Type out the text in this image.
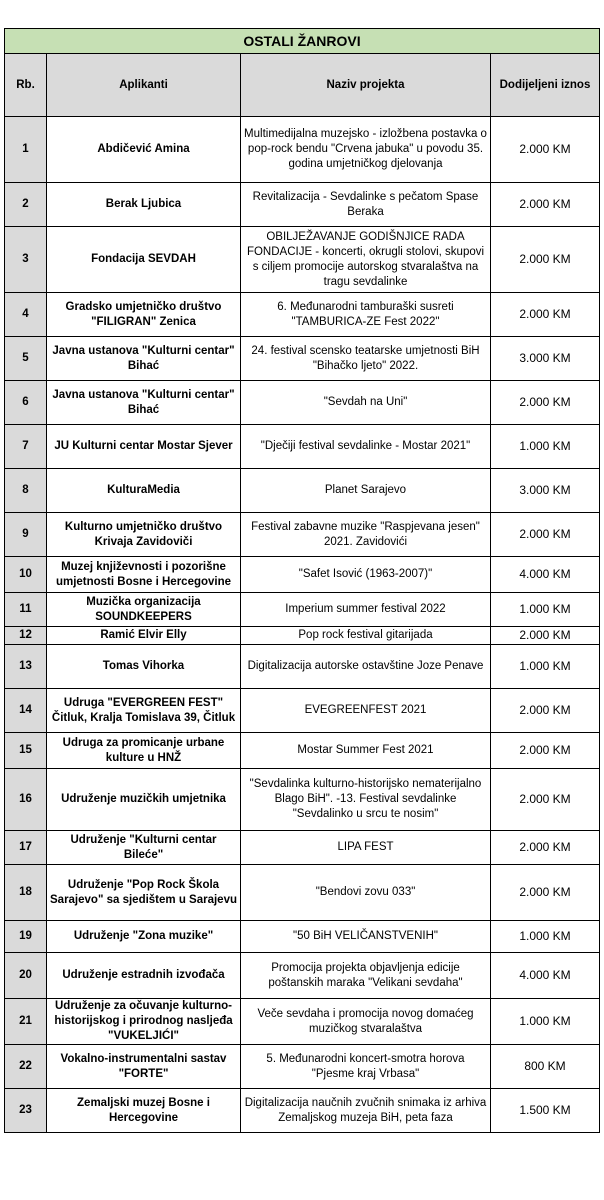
OSTALI ŽANROVI			
Rb.	Aplikanti	Naziv projekta	Dodijeljeni iznos
1	Abdičević Amina	Multimedijalna muzejsko - izložbena postavka o pop-rock bendu "Crvena jabuka" u povodu 35. godina umjetničkog djelovanja	2.000 KM
2	Berak Ljubica	Revitalizacija - Sevdalinke s pečatom Spase Beraka	2.000 KM
3	Fondacija SEVDAH	OBILJEŽAVANJE GODIŠNJICE RADA FONDACIJE - koncerti, okrugli stolovi, skupovi s ciljem promocije autorskog stvaralaštva na tragu sevdalinke	2.000 KM
4	Gradsko umjetničko društvo "FILIGRAN" Zenica	6. Međunarodni tamburaški susreti "TAMBURICA-ZE Fest 2022"	2.000 KM
5	Javna ustanova "Kulturni centar" Bihać	24. festival scensko teatarske umjetnosti BiH "Bihačko ljeto" 2022.	3.000 KM
6	Javna ustanova "Kulturni centar" Bihać	"Sevdah na Uni"	2.000 KM
7	JU Kulturni centar Mostar Sjever	"Dječiji festival sevdalinke - Mostar 2021"	1.000 KM
8	KulturaMedia	Planet Sarajevo	3.000 KM
9	Kulturno umjetničko društvo Krivaja Zavidoviči	Festival zabavne muzike "Raspjevana jesen" 2021. Zavidovići	2.000 KM
10	Muzej književnosti i pozorišne umjetnosti Bosne i Hercegovine	"Safet Isović (1963-2007)"	4.000 KM
11	Muzička organizacija SOUNDKEEPERS	Imperium summer festival 2022	1.000 KM
12	Ramić Elvir Elly	Pop rock festival gitarijada	2.000 KM
13	Tomas Vihorka	Digitalizacija autorske ostavštine Joze Penave	1.000 KM
14	Udruga "EVERGREEN FEST" Čitluk, Kralja Tomislava 39, Čitluk	EVEGREENFEST 2021	2.000 KM
15	Udruga za promicanje urbane kulture u HNŽ	Mostar Summer Fest 2021	2.000 KM
16	Udruženje muzičkih umjetnika	"Sevdalinka kulturno-historijsko nematerijalno Blago BiH". -13. Festival sevdalinke "Sevdalinko u srcu te nosim"	2.000 KM
17	Udruženje "Kulturni centar Bileće"	LIPA FEST	2.000 KM
18	Udruženje "Pop Rock Škola Sarajevo" sa sjedištem u Sarajevu	"Bendovi zovu 033"	2.000 KM
19	Udruženje "Zona muzike"	"50 BiH VELIČANSTVENIH"	1.000 KM
20	Udruženje estradnih izvođača	Promocija projekta objavljenja edicije poštanskih maraka "Velikani sevdaha"	4.000 KM
21	Udruženje za očuvanje kulturno-historijskog i prirodnog nasljeđa "VUKELJIĆI"	Veče sevdaha i promocija novog domaćeg muzičkog stvaralaštva	1.000 KM
22	Vokalno-instrumentalni sastav "FORTE"	5. Međunarodni koncert-smotra horova "Pjesme kraj Vrbasa"	800 KM
23	Zemaljski muzej Bosne i Hercegovine	Digitalizacija naučnih zvučnih snimaka iz arhiva Zemaljskog muzeja BiH, peta faza	1.500 KM
